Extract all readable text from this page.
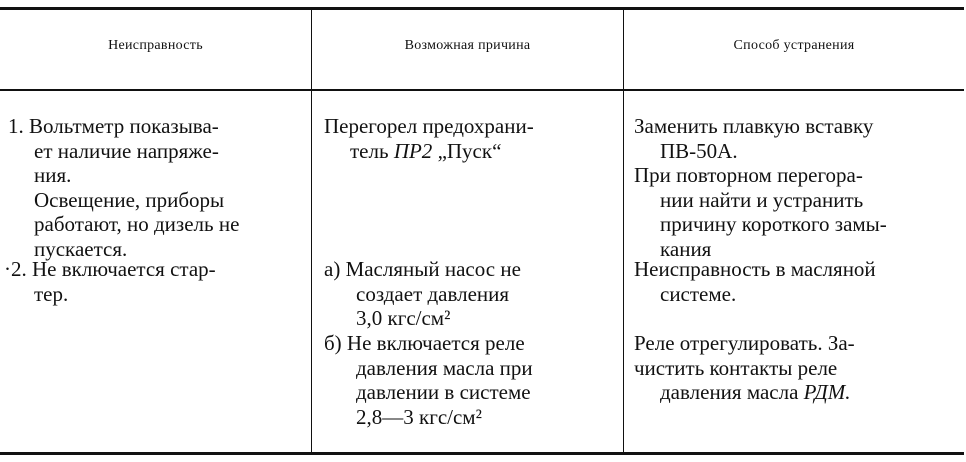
Неисправность	Возможная причина	Способ устранения
1. Вольтметр показыва-
ет наличие напряже-
ния.
Освещение, приборы
работают, но дизель не
пускается.
Перегорел предохрани-
тель ПР2 „Пуск“
Заменить плавкую вставку
ПВ-50А.
При повторном перегора-
нии найти и устранить
причину короткого замы-
кания
·2. Не включается стар-
тер.
а) Масляный насос не
создает давления
3,0 кгс/см²
б) Не включается реле
давления масла при
давлении в системе
2,8—3 кгс/см²
Неисправность в масляной
системе.
Реле отрегулировать. За-
чистить контакты реле
давления масла РДМ.
